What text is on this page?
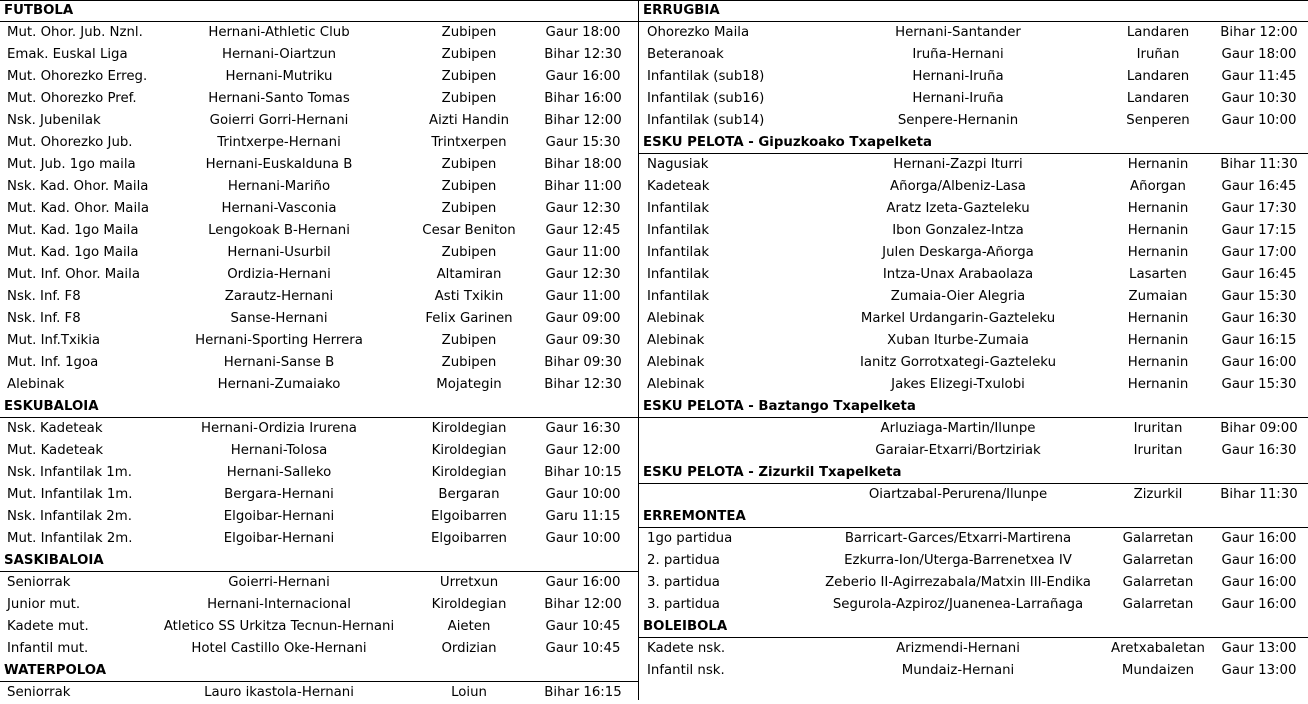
FUTBOLA
Mut. Ohor. Jub. Nznl.	Hernani-Athletic Club	Zubipen	Gaur 18:00
Emak. Euskal Liga	Hernani-Oiartzun	Zubipen	Bihar 12:30
Mut. Ohorezko Erreg.	Hernani-Mutriku	Zubipen	Gaur 16:00
Mut. Ohorezko Pref.	Hernani-Santo Tomas	Zubipen	Bihar 16:00
Nsk. Jubenilak	Goierri Gorri-Hernani	Aizti Handin	Bihar 12:00
Mut. Ohorezko Jub.	Trintxerpe-Hernani	Trintxerpen	Gaur 15:30
Mut. Jub. 1go maila	Hernani-Euskalduna B	Zubipen	Bihar 18:00
Nsk. Kad. Ohor. Maila	Hernani-Mariño	Zubipen	Bihar 11:00
Mut. Kad. Ohor. Maila	Hernani-Vasconia	Zubipen	Gaur 12:30
Mut. Kad. 1go Maila	Lengokoak B-Hernani	Cesar Beniton Gaur 12:45
Mut. Kad. 1go Maila	Hernani-Usurbil	Zubipen	Gaur 11:00
Mut. Inf. Ohor. Maila	Ordizia-Hernani	Altamiran	Gaur 12:30
Nsk. Inf. F8	Zarautz-Hernani	Asti Txikin	Gaur 11:00
Nsk. Inf. F8	Sanse-Hernani	Felix Garinen Gaur 09:00
Mut. Inf.Txikia	Hernani-Sporting Herrera	Zubipen	Gaur 09:30
Mut. Inf. 1goa	Hernani-Sanse B	Zubipen	Bihar 09:30
Alebinak	Hernani-Zumaiako	Mojategin	Bihar 12:30
ESKUBALOIA
Nsk. Kadeteak	Hernani-Ordizia Irurena	Kiroldegian	Gaur 16:30
Mut. Kadeteak	Hernani-Tolosa	Kiroldegian	Gaur 12:00
Nsk. Infantilak 1m.	Hernani-Salleko	Kiroldegian	Bihar 10:15
Mut. Infantilak 1m.	Bergara-Hernani	Bergaran	Gaur 10:00
Nsk. Infantilak 2m.	Elgoibar-Hernani	Elgoibarren	Garu 11:15
Mut. Infantilak 2m.	Elgoibar-Hernani	Elgoibarren	Gaur 10:00
SASKIBALOIA
Seniorrak	Goierri-Hernani	Urretxun	Gaur 16:00
Junior mut.	Hernani-Internacional	Kiroldegian	Bihar 12:00
Kadete mut.	Atletico SS Urkitza Tecnun-Hernani	Aieten	Gaur 10:45
Infantil mut.	Hotel Castillo Oke-Hernani	Ordizian	Gaur 10:45
WATERPOLOA
Seniorrak	Lauro ikastola-Hernani	Loiun	Bihar 16:15
ERRUGBIA
Ohorezko Maila	Hernani-Santander	Landaren Bihar 12:00
Beteranoak	Iruña-Hernani	Iruñan	Gaur 18:00
Infantilak (sub18)	Hernani-Iruña	Landaren Gaur 11:45
Infantilak (sub16)	Hernani-Iruña	Landaren Gaur 10:30
Infantilak (sub14)	Senpere-Hernanin	Senperen Gaur 10:00
ESKU PELOTA - Gipuzkoako Txapelketa
Nagusiak	Hernani-Zazpi Iturri	Hernanin Bihar 11:30
Kadeteak	Añorga/Albeniz-Lasa	Añorgan	Gaur 16:45
Infantilak	Aratz Izeta-Gazteleku	Hernanin	Gaur 17:30
Infantilak	Ibon Gonzalez-Intza	Hernanin	Gaur 17:15
Infantilak	Julen Deskarga-Añorga	Hernanin	Gaur 17:00
Infantilak	Intza-Unax Arabaolaza	Lasarten	Gaur 16:45
Infantilak	Zumaia-Oier Alegria	Zumaian	Gaur 15:30
Alebinak	Markel Urdangarin-Gazteleku	Hernanin	Gaur 16:30
Alebinak	Xuban Iturbe-Zumaia	Hernanin	Gaur 16:15
Alebinak	Ianitz Gorrotxategi-Gazteleku	Hernanin	Gaur 16:00
Alebinak	Jakes Elizegi-Txulobi	Hernanin	Gaur 15:30
ESKU PELOTA - Baztango Txapelketa
Arluziaga-Martin/Ilunpe	Iruritan	Bihar 09:00
Garaiar-Etxarri/Bortziriak	Iruritan	Gaur 16:30
ESKU PELOTA - Zizurkil Txapelketa
Oiartzabal-Perurena/Ilunpe	Zizurkil	Bihar 11:30
ERREMONTEA
1go partidua	Barricart-Garces/Etxarri-Martirena	Galarretan Gaur 16:00
2. partidua	Ezkurra-Ion/Uterga-Barrenetxea IV	Galarretan Gaur 16:00
3. partidua	Zeberio II-Agirrezabala/Matxin III-Endika Galarretan Gaur 16:00
3. partidua	Segurola-Azpiroz/Juanenea-Larrañaga	Galarretan Gaur 16:00
BOLEIBOLA
Kadete nsk.	Arizmendi-Hernani	Aretxabaletan Gaur 13:00
Infantil nsk.	Mundaiz-Hernani	Mundaizen Gaur 13:00
